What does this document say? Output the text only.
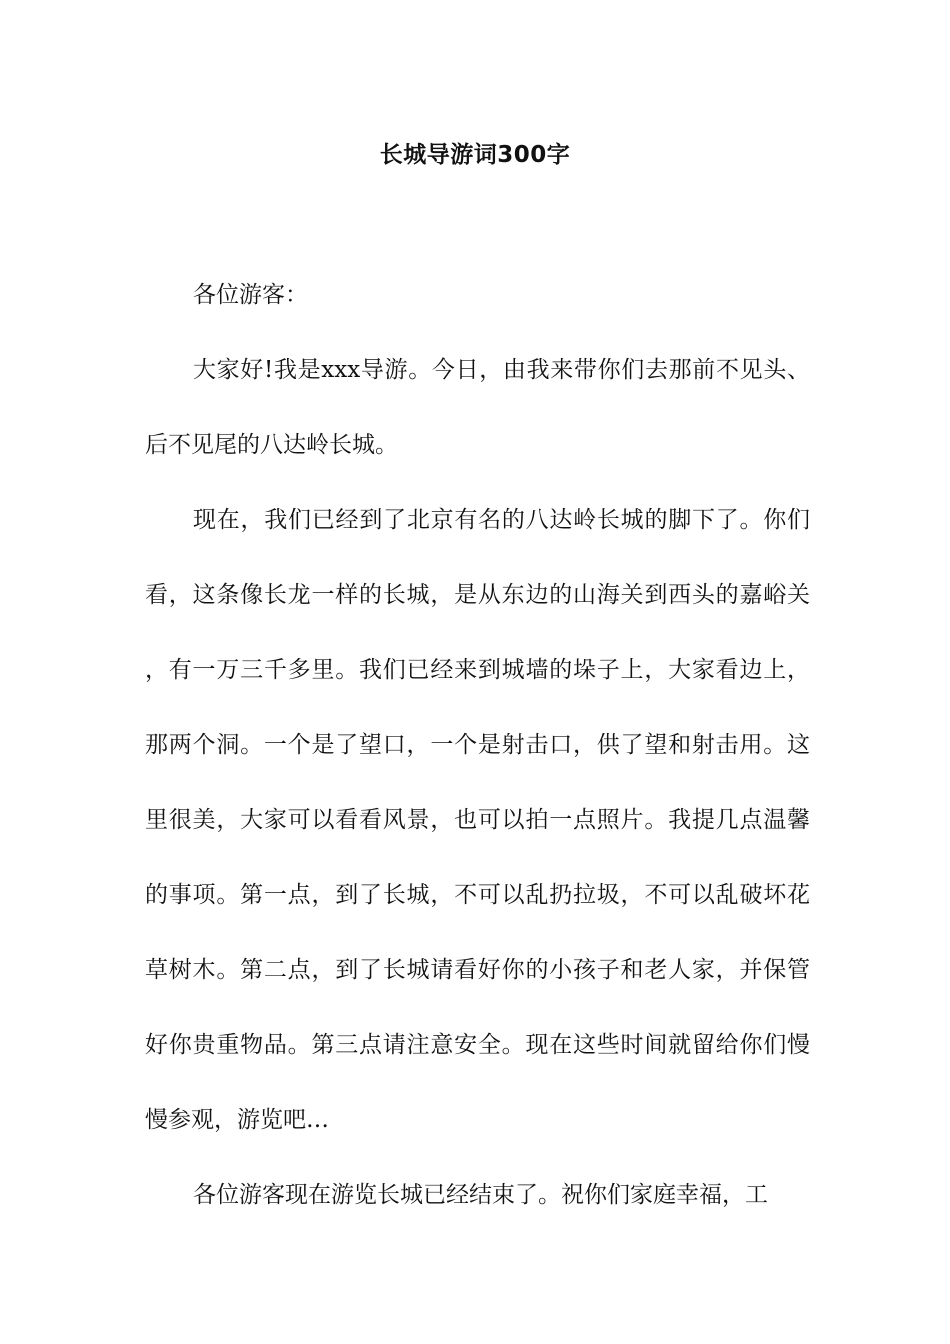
长城导游词300字

各位游客：

大家好!我是xxx导游。今日，由我来带你们去那前不见头、后不见尾的八达岭长城。

现在，我们已经到了北京有名的八达岭长城的脚下了。你们看，这条像长龙一样的长城，是从东边的山海关到西头的嘉峪关，有一万三千多里。我们已经来到城墙的垛子上，大家看边上，那两个洞。一个是了望口，一个是射击口，供了望和射击用。这里很美，大家可以看看风景，也可以拍一点照片。我提几点温馨的事项。第一点，到了长城，不可以乱扔拉圾，不可以乱破坏花草树木。第二点，到了长城请看好你的小孩子和老人家，并保管好你贵重物品。第三点请注意安全。现在这些时间就留给你们慢慢参观，游览吧…

各位游客现在游览长城已经结束了。祝你们家庭幸福，工
